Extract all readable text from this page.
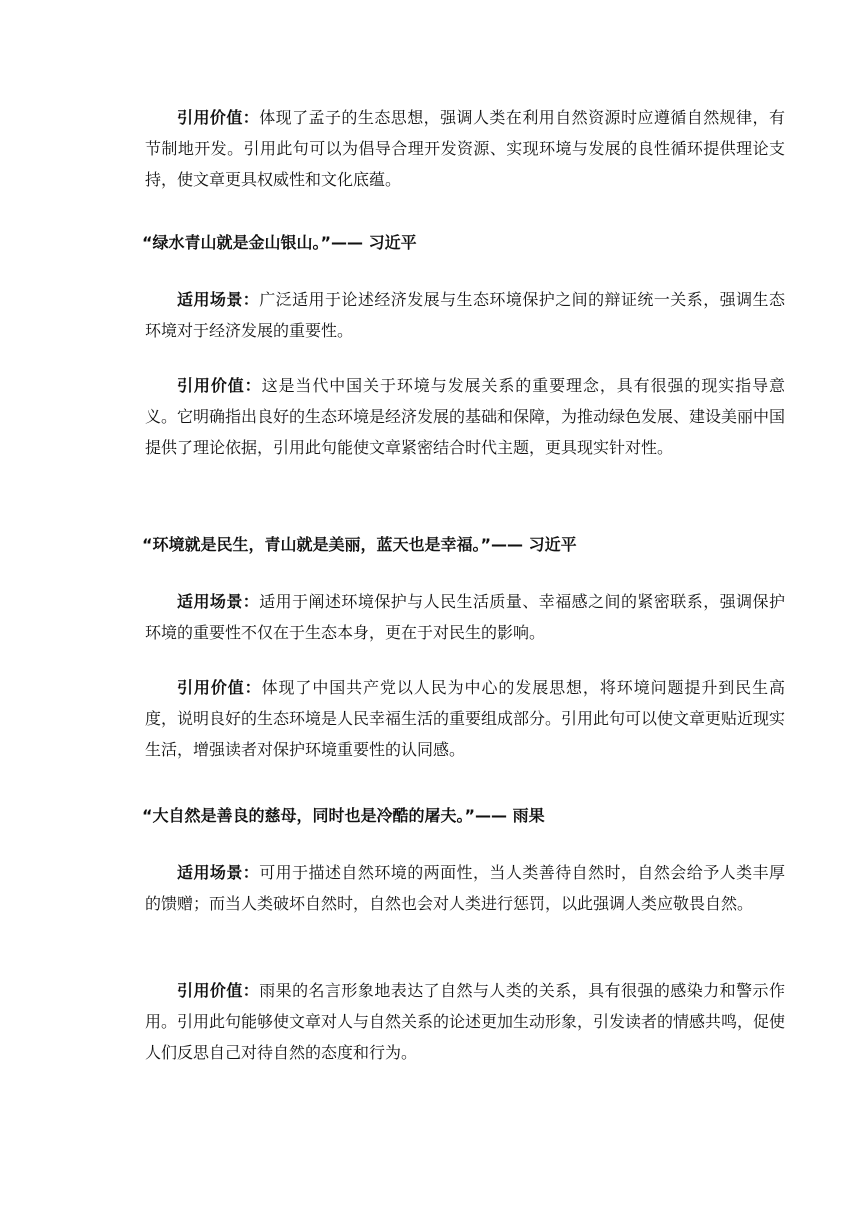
引用价值：体现了孟子的生态思想，强调人类在利用自然资源时应遵循自然规律，有节制地开发。引用此句可以为倡导合理开发资源、实现环境与发展的良性循环提供理论支持，使文章更具权威性和文化底蕴。

“绿水青山就是金山银山。”—— 习近平

适用场景：广泛适用于论述经济发展与生态环境保护之间的辩证统一关系，强调生态环境对于经济发展的重要性。

引用价值：这是当代中国关于环境与发展关系的重要理念，具有很强的现实指导意义。它明确指出良好的生态环境是经济发展的基础和保障，为推动绿色发展、建设美丽中国提供了理论依据，引用此句能使文章紧密结合时代主题，更具现实针对性。

“环境就是民生，青山就是美丽，蓝天也是幸福。”—— 习近平

适用场景：适用于阐述环境保护与人民生活质量、幸福感之间的紧密联系，强调保护环境的重要性不仅在于生态本身，更在于对民生的影响。

引用价值：体现了中国共产党以人民为中心的发展思想，将环境问题提升到民生高度，说明良好的生态环境是人民幸福生活的重要组成部分。引用此句可以使文章更贴近现实生活，增强读者对保护环境重要性的认同感。

“大自然是善良的慈母，同时也是冷酷的屠夫。”—— 雨果

适用场景：可用于描述自然环境的两面性，当人类善待自然时，自然会给予人类丰厚的馈赠；而当人类破坏自然时，自然也会对人类进行惩罚，以此强调人类应敬畏自然。

引用价值：雨果的名言形象地表达了自然与人类的关系，具有很强的感染力和警示作用。引用此句能够使文章对人与自然关系的论述更加生动形象，引发读者的情感共鸣，促使人们反思自己对待自然的态度和行为。
